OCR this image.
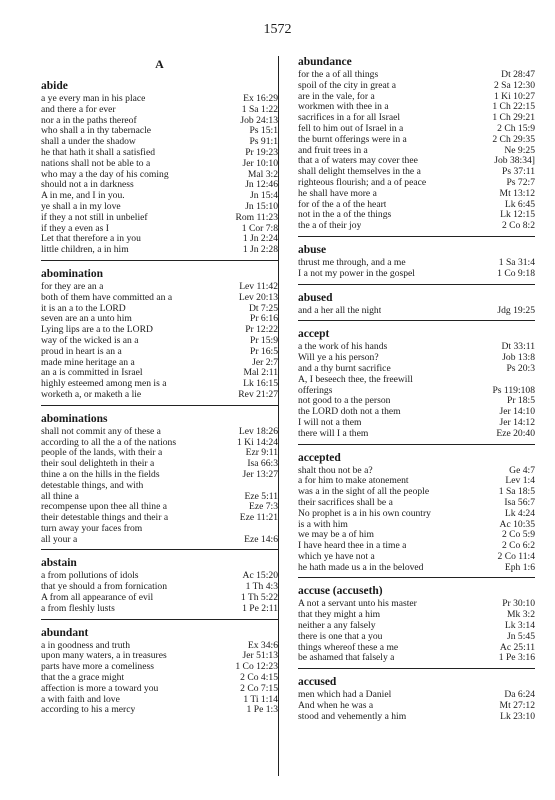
1572
A
abide
a ye every man in his place	Ex 16:29
and there a for ever	1 Sa 1:22
nor a in the paths thereof	Job 24:13
who shall a in thy tabernacle	Ps 15:1
shall a under the shadow	Ps 91:1
he that hath it shall a satisfied	Pr 19:23
nations shall not be able to a	Jer 10:10
who may a the day of his coming	Mal 3:2
should not a in darkness	Jn 12:46
A in me, and I in you.	Jn 15:4
ye shall a in my love	Jn 15:10
if they a not still in unbelief	Rom 11:23
if they a even as I	1 Cor 7:8
Let that therefore a in you	1 Jn 2:24
little children, a in him	1 Jn 2:28
abomination
for they are an a	Lev 11:42
both of them have committed an a	Lev 20:13
it is an a to the LORD	Dt 7:25
seven are an a unto him	Pr 6:16
Lying lips are a to the LORD	Pr 12:22
way of the wicked is an a	Pr 15:9
proud in heart is an a	Pr 16:5
made mine heritage an a	Jer 2:7
an a is committed in Israel	Mal 2:11
highly esteemed among men is a	Lk 16:15
worketh a, or maketh a lie	Rev 21:27
abominations
shall not commit any of these a	Lev 18:26
according to all the a of the nations	1 Ki 14:24
people of the lands, with their a	Ezr 9:11
their soul delighteth in their a	Isa 66:3
thine a on the hills in the fields	Jer 13:27
detestable things, and with
all thine a	Eze 5:11
recompense upon thee all thine a	Eze 7:3
their detestable things and their a	Eze 11:21
turn away your faces from
all your a	Eze 14:6
abstain
a from pollutions of idols	Ac 15:20
that ye should a from fornication	1 Th 4:3
A from all appearance of evil	1 Th 5:22
a from fleshly lusts	1 Pe 2:11
abundant
a in goodness and truth	Ex 34:6
upon many waters, a in treasures	Jer 51:13
parts have more a comeliness	1 Co 12:23
that the a grace might	2 Co 4:15
affection is more a toward you	2 Co 7:15
a with faith and love	1 Ti 1:14
according to his a mercy	1 Pe 1:3
abundance
for the a of all things	Dt 28:47
spoil of the city in great a	2 Sa 12:30
are in the vale, for a	1 Ki 10:27
workmen with thee in a	1 Ch 22:15
sacrifices in a for all Israel	1 Ch 29:21
fell to him out of Israel in a	2 Ch 15:9
the burnt offerings were in a	2 Ch 29:35
and fruit trees in a	Ne 9:25
that a of waters may cover thee	Job 38:34]
shall delight themselves in the a	Ps 37:11
righteous flourish; and a of peace	Ps 72:7
he shall have more a	Mt 13:12
for of the a of the heart	Lk 6:45
not in the a of the things	Lk 12:15
the a of their joy	2 Co 8:2
abuse
thrust me through, and a me	1 Sa 31:4
I a not my power in the gospel	1 Co 9:18
abused
and a her all the night	Jdg 19:25
accept
a the work of his hands	Dt 33:11
Will ye a his person?	Job 13:8
and a thy burnt sacrifice	Ps 20:3
A, I beseech thee, the freewill
offerings	Ps 119:108
not good to a the person	Pr 18:5
the LORD doth not a them	Jer 14:10
I will not a them	Jer 14:12
there will I a them	Eze 20:40
accepted
shalt thou not be a?	Ge 4:7
a for him to make atonement	Lev 1:4
was a in the sight of all the people	1 Sa 18:5
their sacrifices shall be a	Isa 56:7
No prophet is a in his own country	Lk 4:24
is a with him	Ac 10:35
we may be a of him	2 Co 5:9
I have heard thee in a time a	2 Co 6:2
which ye have not a	2 Co 11:4
he hath made us a in the beloved	Eph 1:6
accuse (accuseth)
A not a servant unto his master	Pr 30:10
that they might a him	Mk 3:2
neither a any falsely	Lk 3:14
there is one that a you	Jn 5:45
things whereof these a me	Ac 25:11
be ashamed that falsely a	1 Pe 3:16
accused
men which had a Daniel	Da 6:24
And when he was a	Mt 27:12
stood and vehemently a him	Lk 23:10
